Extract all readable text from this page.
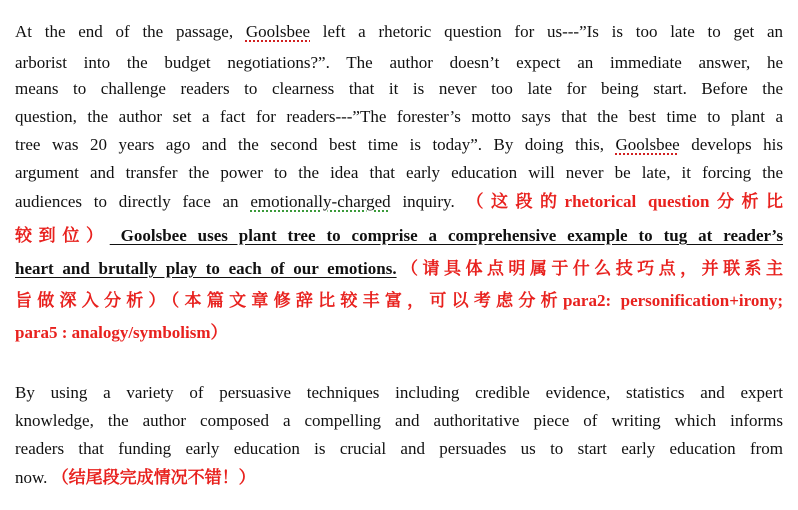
At the end of the passage, Goolsbee left a rhetoric question for us---”Is is too late to get an
arborist into the budget negotiations?”. The author doesn’t expect an immediate answer, he
means to challenge readers to clearness that it is never too late for being start. Before the
question, the author set a fact for readers---”The forester’s motto says that the best time to plant a
tree was 20 years ago and the second best time is today”. By doing this, Goolsbee develops his
argument and transfer the power to the idea that early education will never be late, it forcing the
audiences to directly face an emotionally-charged inquiry. （这段的rhetorical question分析比
较到位） Goolsbee uses plant tree to comprise a comprehensive example to tug at reader’s
heart and brutally play to each of our emotions.（请具体点明属于什么技巧点，并联系主
旨做深入分析）（本篇文章修辞比较丰富，可以考虑分析para2: personification+irony;
para5 : analogy/symbolism）
By using a variety of persuasive techniques including credible evidence, statistics and expert
knowledge, the author composed a compelling and authoritative piece of writing which informs
readers that funding early education is crucial and persuades us to start early education from
now. （结尾段完成情况不错！）
